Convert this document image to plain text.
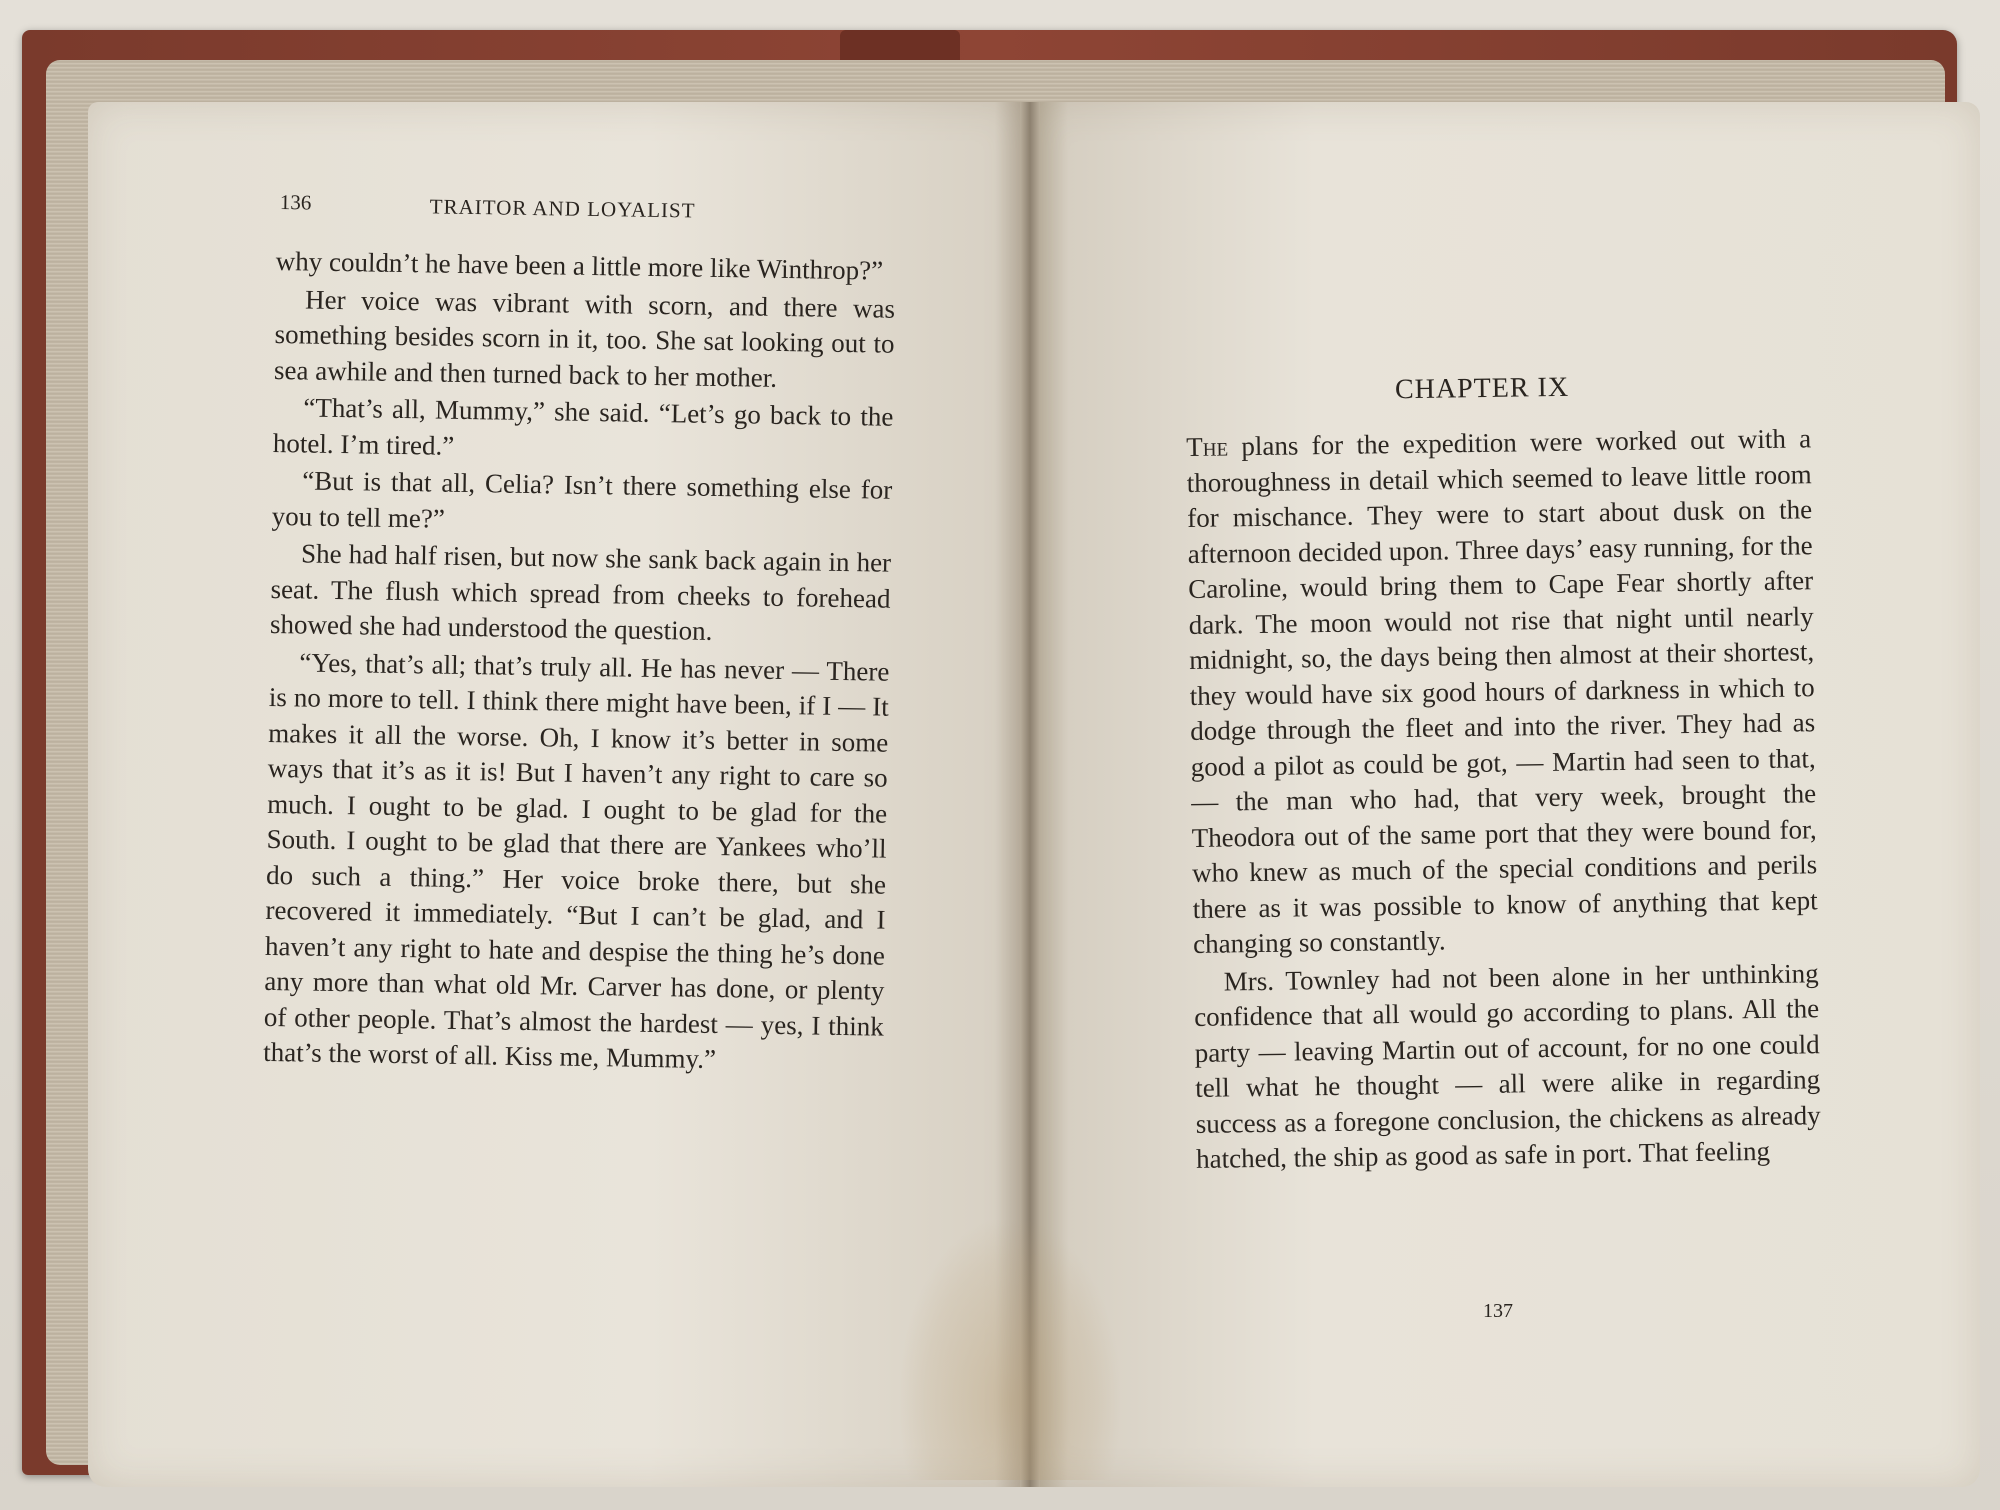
136	TRAITOR AND LOYALIST

why couldn’t he have been a little more like Winthrop?”

Her voice was vibrant with scorn, and there was something besides scorn in it, too. She sat looking out to sea awhile and then turned back to her mother.

“That’s all, Mummy,” she said. “Let’s go back to the hotel. I’m tired.”

“But is that all, Celia? Isn’t there something else for you to tell me?”

She had half risen, but now she sank back again in her seat. The flush which spread from cheeks to forehead showed she had understood the question.

“Yes, that’s all; that’s truly all. He has never — There is no more to tell. I think there might have been, if I — It makes it all the worse. Oh, I know it’s better in some ways that it’s as it is! But I haven’t any right to care so much. I ought to be glad. I ought to be glad for the South. I ought to be glad that there are Yankees who’ll do such a thing.” Her voice broke there, but she recovered it immediately. “But I can’t be glad, and I haven’t any right to hate and despise the thing he’s done any more than what old Mr. Carver has done, or plenty of other people. That’s almost the hardest — yes, I think that’s the worst of all. Kiss me, Mummy.”

CHAPTER IX

The plans for the expedition were worked out with a thoroughness in detail which seemed to leave little room for mischance. They were to start about dusk on the afternoon decided upon. Three days’ easy running, for the Caroline, would bring them to Cape Fear shortly after dark. The moon would not rise that night until nearly midnight, so, the days being then almost at their shortest, they would have six good hours of darkness in which to dodge through the fleet and into the river. They had as good a pilot as could be got, — Martin had seen to that, — the man who had, that very week, brought the Theodora out of the same port that they were bound for, who knew as much of the special conditions and perils there as it was possible to know of anything that kept changing so constantly.

Mrs. Townley had not been alone in her unthinking confidence that all would go according to plans. All the party — leaving Martin out of account, for no one could tell what he thought — all were alike in regarding success as a foregone conclusion, the chickens as already hatched, the ship as good as safe in port. That feeling

137
